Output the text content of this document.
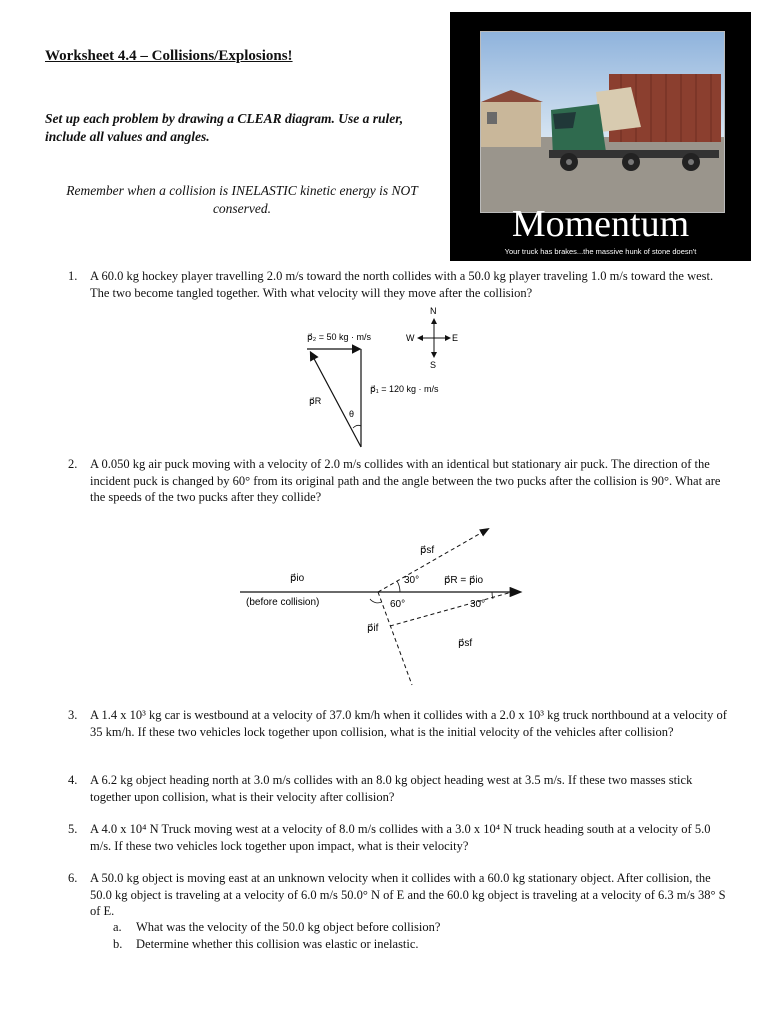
Worksheet 4.4 – Collisions/Explosions!
Set up each problem by drawing a CLEAR diagram. Use a ruler, include all values and angles.
Remember when a collision is INELASTIC kinetic energy is NOT conserved.	Momentum
Your truck has brakes...the massive hunk of stone doesn't
1.	A 60.0 kg hockey player travelling 2.0 m/s toward the north collides with a 50.0 kg player traveling 1.0 m/s toward the west. The two become tangled together. With what velocity will they move after the collision?
p⃗₂ = 50 kg · m/s
p⃗₁ = 120 kg · m/s
p⃗R
θ
N
S
E
W
2.	A 0.050 kg air puck moving with a velocity of 2.0 m/s collides with an identical but stationary air puck. The direction of the incident puck is changed by 60° from its original path and the angle between the two pucks after the collision is 90°. What are the speeds of the two pucks after they collide?
p⃗io
(before collision)
30° p⃗R = p⃗io
60°	30°
p⃗sf
p⃗if
p⃗sf
3.	A 1.4 x 10³ kg car is westbound at a velocity of 37.0 km/h when it collides with a 2.0 x 10³ kg truck northbound at a velocity of 35 km/h. If these two vehicles lock together upon collision, what is the initial velocity of the vehicles after collision?
4.	A 6.2 kg object heading north at 3.0 m/s collides with an 8.0 kg object heading west at 3.5 m/s. If these two masses stick together upon collision, what is their velocity after collision?
5.	A 4.0 x 10⁴ N Truck moving west at a velocity of 8.0 m/s collides with a 3.0 x 10⁴ N truck heading south at a velocity of 5.0 m/s. If these two vehicles lock together upon impact, what is their velocity?
6.	A 50.0 kg object is moving east at an unknown velocity when it collides with a 60.0 kg stationary object. After collision, the 50.0 kg object is traveling at a velocity of 6.0 m/s 50.0° N of E and the 60.0 kg object is traveling at a velocity of 6.3 m/s 38° S of E.
a.	What was the velocity of the 50.0 kg object before collision?
b.	Determine whether this collision was elastic or inelastic.
